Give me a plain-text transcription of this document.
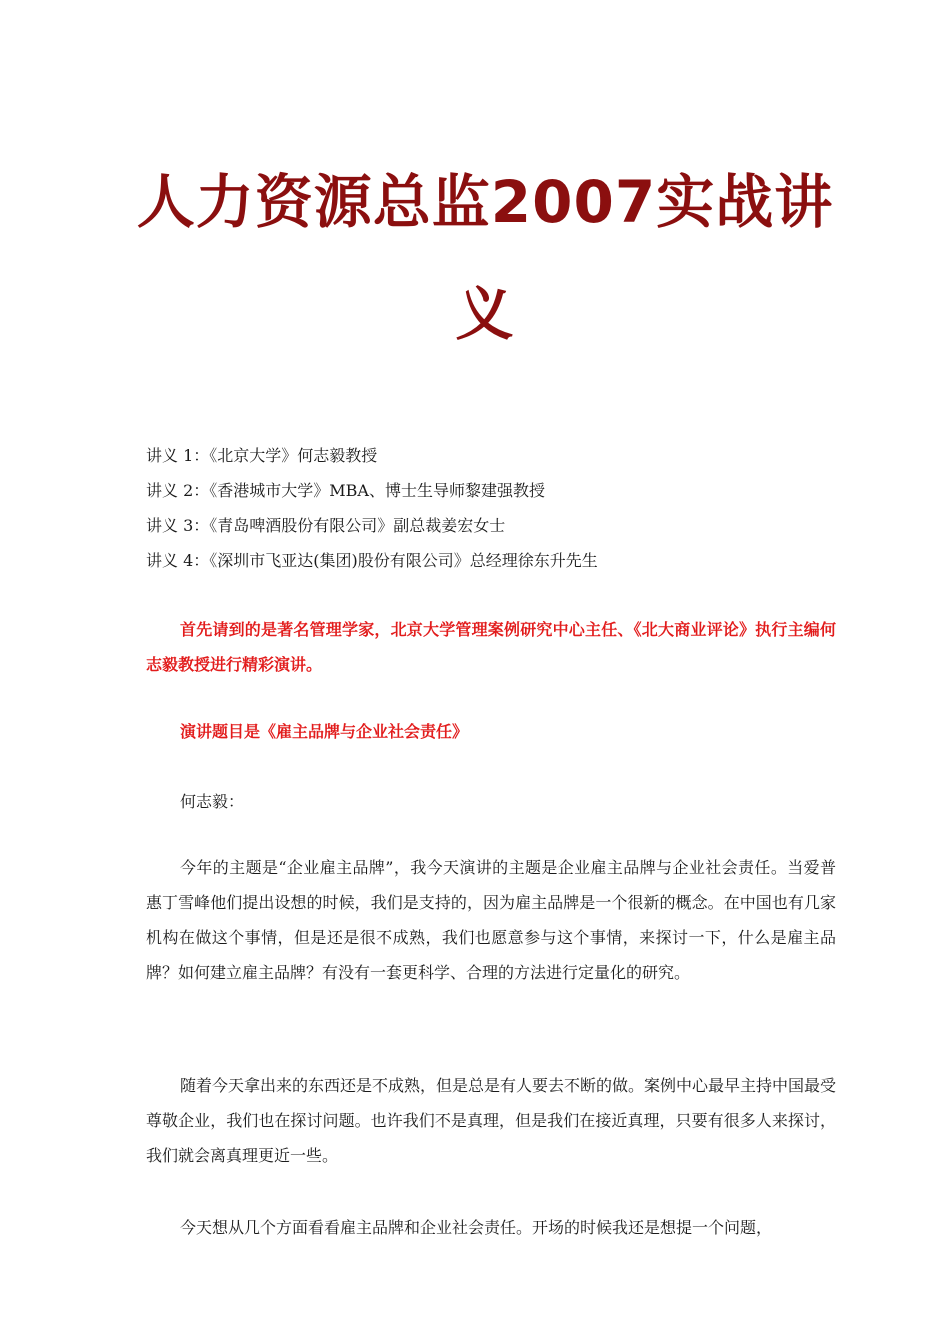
人力资源总监2007实战讲
义
讲义 1：《北京大学》何志毅教授
讲义 2：《香港城市大学》MBA、博士生导师黎建强教授
讲义 3：《青岛啤酒股份有限公司》副总裁姜宏女士
讲义 4：《深圳市飞亚达(集团)股份有限公司》总经理徐东升先生

首先请到的是著名管理学家，北京大学管理案例研究中心主任、《北大商业评论》执行主编何志毅教授进行精彩演讲。

演讲题目是《雇主品牌与企业社会责任》

何志毅：

今年的主题是“企业雇主品牌”，我今天演讲的主题是企业雇主品牌与企业社会责任。当爱普惠丁雪峰他们提出设想的时候，我们是支持的，因为雇主品牌是一个很新的概念。在中国也有几家机构在做这个事情，但是还是很不成熟，我们也愿意参与这个事情，来探讨一下，什么是雇主品牌？如何建立雇主品牌？有没有一套更科学、合理的方法进行定量化的研究。

随着今天拿出来的东西还是不成熟，但是总是有人要去不断的做。案例中心最早主持中国最受尊敬企业，我们也在探讨问题。也许我们不是真理，但是我们在接近真理，只要有很多人来探讨，我们就会离真理更近一些。

今天想从几个方面看看雇主品牌和企业社会责任。开场的时候我还是想提一个问题，
